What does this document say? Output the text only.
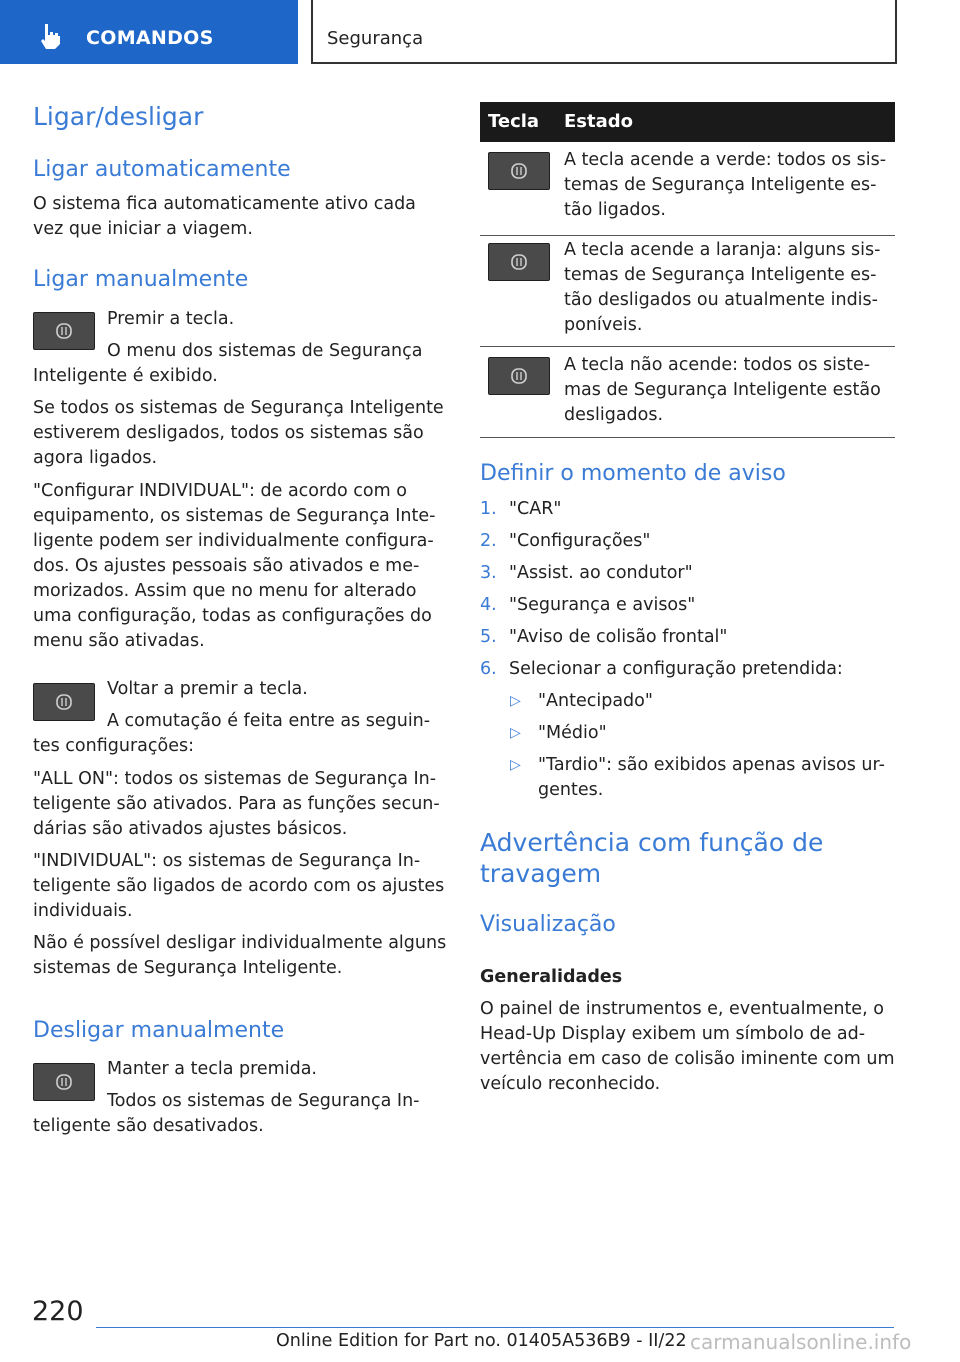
COMANDOS	Segurança
Ligar/desligar
Ligar automaticamente
O sistema fica automaticamente ativo cada
vez que iniciar a viagem.
Ligar manualmente
Premir a tecla.
O menu dos sistemas de Segurança
Inteligente é exibido.
Se todos os sistemas de Segurança Inteligente
estiverem desligados, todos os sistemas são
agora ligados.
"Configurar INDIVIDUAL": de acordo com o
equipamento, os sistemas de Segurança Inte-
ligente podem ser individualmente configura-
dos. Os ajustes pessoais são ativados e me-
morizados. Assim que no menu for alterado
uma configuração, todas as configurações do
menu são ativadas.
Voltar a premir a tecla.
A comutação é feita entre as seguin-
tes configurações:
"ALL ON": todos os sistemas de Segurança In-
teligente são ativados. Para as funções secun-
dárias são ativados ajustes básicos.
"INDIVIDUAL": os sistemas de Segurança In-
teligente são ligados de acordo com os ajustes
individuais.
Não é possível desligar individualmente alguns
sistemas de Segurança Inteligente.
Desligar manualmente
Manter a tecla premida.
Todos os sistemas de Segurança In-
teligente são desativados.
Tecla Estado
A tecla acende a verde: todos os sis-
temas de Segurança Inteligente es-
tão ligados.
A tecla acende a laranja: alguns sis-
temas de Segurança Inteligente es-
tão desligados ou atualmente indis-
poníveis.
A tecla não acende: todos os siste-
mas de Segurança Inteligente estão
desligados.
Definir o momento de aviso
1. "CAR"
2. "Configurações"
3. "Assist. ao condutor"
4. "Segurança e avisos"
5. "Aviso de colisão frontal"
6. Selecionar a configuração pretendida:
▷ "Antecipado"
▷ "Médio"
▷ "Tardio": são exibidos apenas avisos ur-
gentes.
Advertência com função de
travagem
Visualização
Generalidades
O painel de instrumentos e, eventualmente, o
Head-Up Display exibem um símbolo de ad-
vertência em caso de colisão iminente com um
veículo reconhecido.
220
Online Edition for Part no. 01405A536B9 - II/22 carmanualsonline.info
